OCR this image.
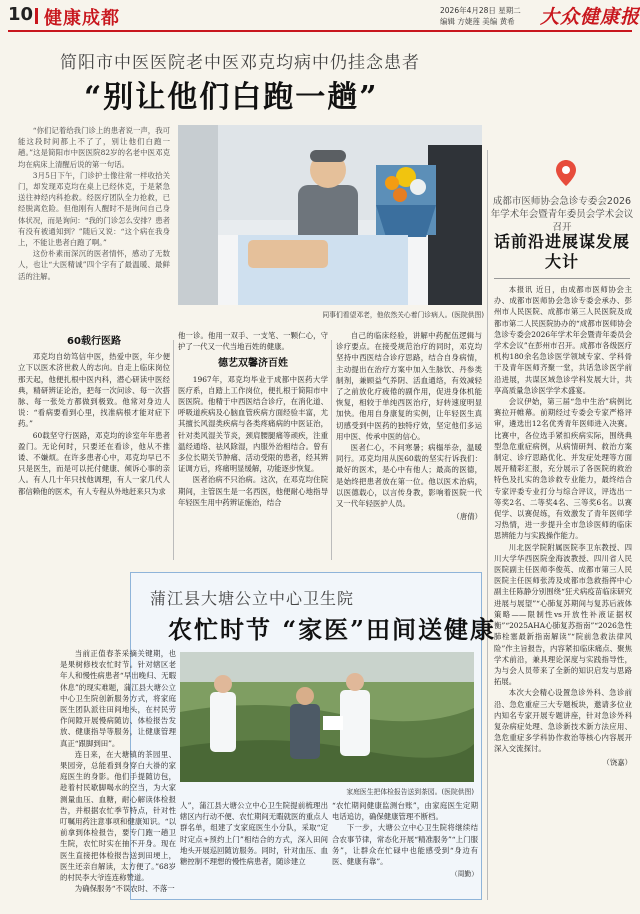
10 健康成都	2026年4月28日 星期二
编辑 方婕莲 美编 黄希	大众健康报
简阳市中医医院老中医邓克均病中仍挂念患者
“别让他们白跑一趟”

“你们记着给我门诊上的患者说一声，我可能这段时间都上不了了，别让他们白跑一趟。”这是简阳市中医医院82岁的名老中医邓克均在病床上清醒后说的第一句话。

3月5日下午，门诊护士像往常一样收拾关门，却发现邓克均在桌上已经休克，于是紧急送往神经内科抢救。经医疗团队全力抢救，已经脱离危险。但他刚有人醒时不是询问自己身体状况，而是询问：“我的门诊怎么安排？患者有没有被通知到？”随后又说：“这个病在我身上，不能让患者白跑了啊。”

这份朴素而深沉的医者情怀，感动了无数人，也让“大医精诚”四个字有了最温暖、最鲜活的注解。

同事们看望邓老，他依然关心着门诊病人。(医院供图)
60载行医路

邓克均自幼笃信中医，热爱中医，年少便立下以医术济世救人的志向。自走上临床岗位那天起，他便扎根中医内科，潜心研读中医经典，精研辨证论治，把每一次问诊、每一次搭脉、每一张处方都做到极致。他常对身边人说：“看病要看到心里，找准病根才能对症下药。”

60载坚守行医路，邓克均的诊室年年患者盈门。无论何时，只要还在看诊，他从不推诿、不嫌烦。在许多患者心中，邓克均早已不只是医生，而是可以托付健康、倾诉心事的亲人。有人几十年只找他调理，有人一家几代人都信赖他的医术，有人专程从外地赶来只为求

他一诊。他用一双手、一支笔、一颗仁心，守护了一代又一代当地百姓的健康。

德艺双馨济百姓

1967年，邓克均毕业于成都中医药大学医疗系，自踏上工作岗位，便扎根于简阳市中医医院。他精于中西医结合诊疗，在消化道、呼吸道疾病及心脑血管疾病方面经验丰富，尤其擅长风湿类疾病与各类疼痛病的中医证治，针对类风湿关节炎，颈肩腰腿痛等顽疾，注重温经通络、祛风除湿，内服外治相结合。曾有多位长期关节肿痛、活动受限的患者，经其辨证调方后，疼痛明显缓解，功能逐步恢复。

医者治病不只治病。这次，在邓克均住院期间，主管医生是一名西医，他便耐心地指导年轻医生用中药辨证施治，结合

自己的临床经验，讲解中药配伍逻辑与诊疗要点。在接受规范治疗的同时，邓克均坚持中西医结合诊疗思路，结合自身病情，主动提出在治疗方案中加入生脉饮、丹参类制剂，兼顾益气养阴、活血通络，有效减轻了之前放化疗疲倦的副作用，促进身体机能恢复，相较于单纯西医治疗，好转速度明显加快。他用自身康复的实例，让年轻医生真切感受到中医药的独特疗效，坚定他们多运用中医、传承中医的信心。

医者仁心，不问寒暑；病榻举杂，温暖同行。邓克均用从医60载的坚实行诉我们：最好的医术，是心中有他人；最高的医德，是始终把患者放在第一位。他以医术治病，以医德载心，以言传身教，影响着医院一代又一代年轻医护人员。

（唐倩）
成都市医师协会急诊专委会2026年学术年会暨青年委员会学术会议召开
话前沿进展谋发展大计

本报讯 近日，由成都市医师协会主办、成都市医师协会急诊专委会承办、彭州市人民医院、成都市第三人民医院及成都市第二人民医院协办的“成都市医师协会急诊专委会2026年学术年会暨青年委员会学术会议”在彭州市召开。成都市各级医疗机构180余名急诊医学领域专家、学科骨干及青年医师齐聚一堂，共话急诊医学前沿进展，共谋区域急诊学科发展大计，共享高质量急诊医学学术盛宴。

会议伊始，第三届“急中生治”病例比赛拉开帷幕。前期经过专委会专家严格评审，遴选出12名优秀青年医师进入决赛。比赛中，各位选手紧扣疾病实际，围绕典型急危重症病例，从病情研判、救治方案制定、诊疗思路优化、并发症处理等方面展开精彩汇报，充分展示了各医院的救治特色及扎实的急诊救专业能力，最终结合专家评委专业打分与综合评议，评选出一等奖2名、二等奖4名、三等奖6名。以赛促学、以赛促练，有效激发了青年医师学习热情，进一步提升全市急诊医师的临床思辨能力与实践操作能力。

川北医学院附属医院李卫东教授、四川大学华西医院金海波教授、四川省人民医院副主任医师李俊英、成都市第三人民医院主任医师张涛及成都市急救指挥中心副主任陈静分别围绕“狂犬病疫苗临床研究进展与展望”“心肺复苏期间与复苏后液体策略——限制性vs开放性补液证据权衡”“2025AHA心肺复苏指南”“2026急性肺栓塞最新指南解读”“院前急救法律风险”作主旨报告，内容紧扣临床痛点、聚焦学术前沿，兼具理论深度与实践指导性，为与会人员带来了全新的知识启发与思路拓展。

本次大会精心设置急诊外科、急诊前沿、急危重症三大专题板块，邀请多位业内知名专家开展专题讲座，针对急诊外科复杂病症处理、急诊新技术新方法应用、急危重症多学科协作救治等核心内容展开深入交流探讨。

（饶嘉）
蒲江县大塘公立中心卫生院
农忙时节 “家医”田间送健康
家庭医生把体检报告送到茶园。(医院供图)

当前正值春茶采摘关键期，也是果树修枝农忙时节。针对辖区老年人和慢性病患者“早出晚归、无暇休息”的现实难题，蒲江县大塘公立中心卫生院创新服务方式，将家庭医生团队派往田间地头，在村民劳作间隙开展慢病随访、体检报告发放、健康指导等服务，让健康管理真正“跟脚到田”。

连日来，在大塘镇的茶园里、果园旁，总能看到身穿白大褂的家庭医生的身影。他们手提随访包，趁着村民歇脚喝水的空当，为大家测量血压、血糖，耐心解读体检报告，并根据农忙季节特点，针对性叮嘱用药注意事项和健康知识。“以前拿到体检报告，要专门跑一趟卫生院，农忙时实在抽不开身。现在医生直接把体检报告送到田埂上，医生还亲自解读，太方便了。”68岁的村民李大爷连连称赞道。

为确保服务“不误农时、不落一

人”，蒲江县大塘公立中心卫生院提前梳理出辖区内行动不便、农忙期间无暇就医的重点人群名单，组建了支家庭医生小分队，采取“定时定点+预约上门”相结合的方式，深入田间地头开展巡回随访服务。同时，针对血压、血糖控制不理想的慢性病患者，随诊建立

“农忙期间健康监测台账”，由家庭医生定期电话追访，确保健康管理不断档。

下一步，大塘公立中心卫生院将继续结合农事节律，常态化开展“精准服务”“上门服务”，让群众在忙碌中也能感受到“身边有医、健康有靠”。

（周勤）
